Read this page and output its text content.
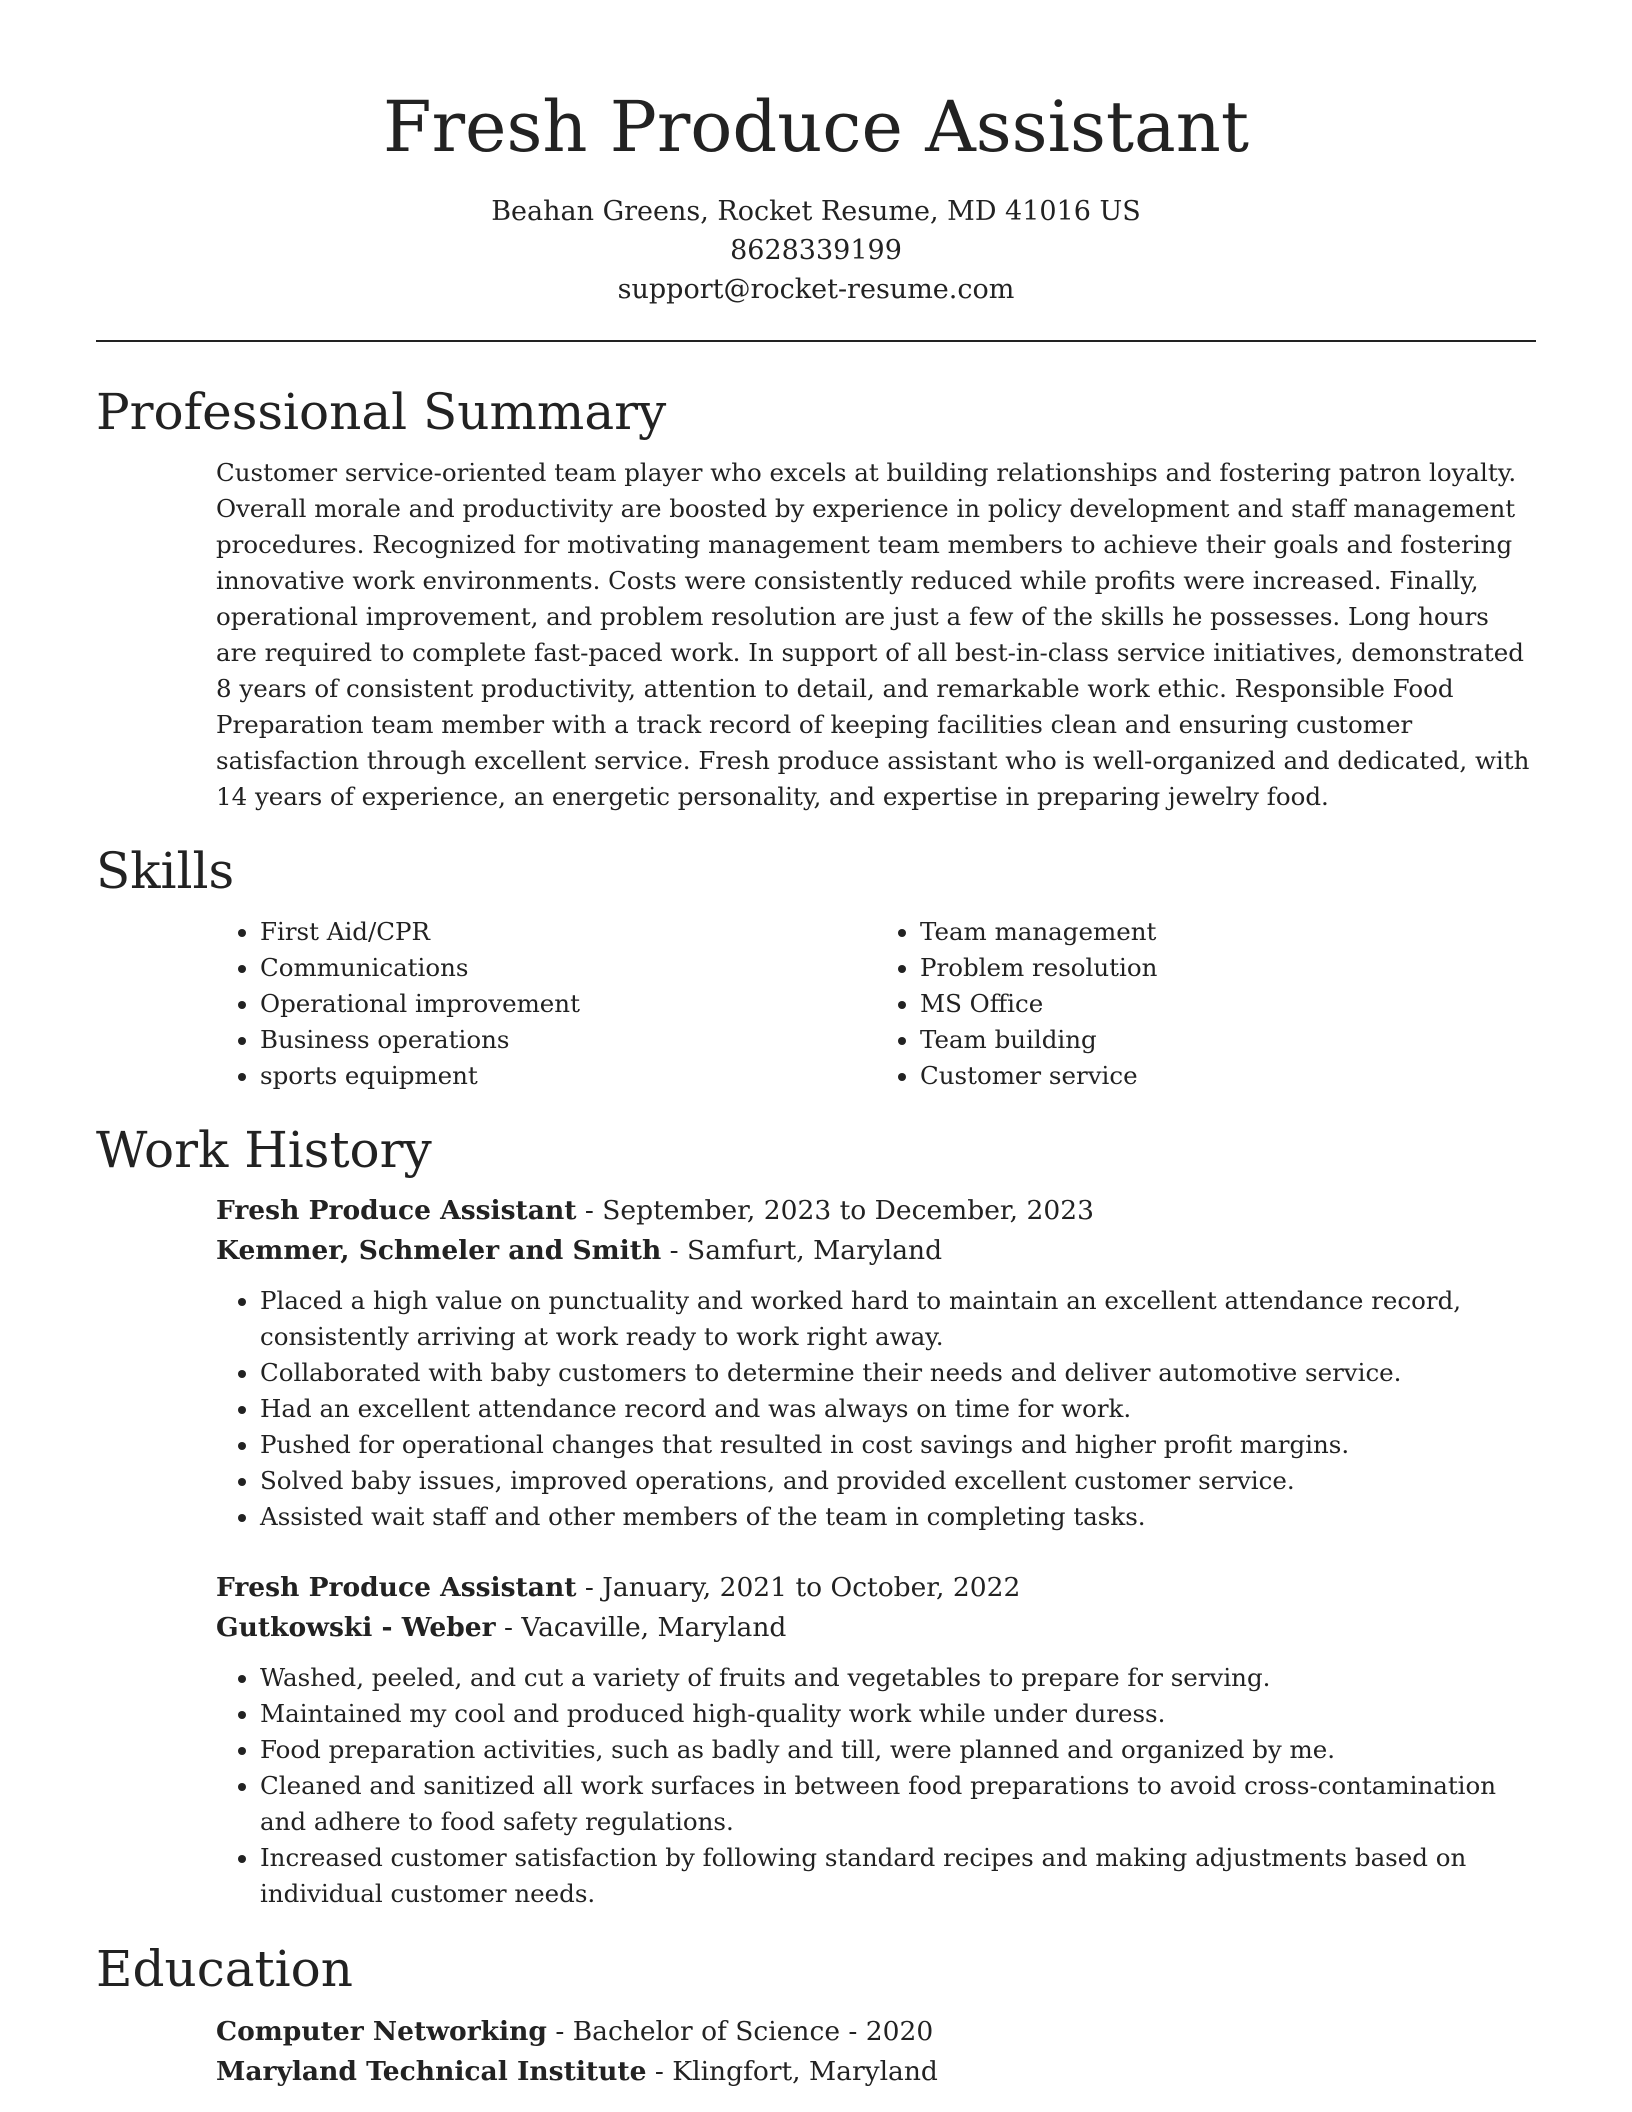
Fresh Produce Assistant
Beahan Greens, Rocket Resume, MD 41016 US
8628339199
support@rocket-resume.com
Professional Summary

Customer service-oriented team player who excels at building relationships and fostering patron loyalty. Overall morale and productivity are boosted by experience in policy development and staff management procedures. Recognized for motivating management team members to achieve their goals and fostering innovative work environments. Costs were consistently reduced while profits were increased. Finally, operational improvement, and problem resolution are just a few of the skills he possesses. Long hours are required to complete fast-paced work. In support of all best-in-class service initiatives, demonstrated 8 years of consistent productivity, attention to detail, and remarkable work ethic. Responsible Food Preparation team member with a track record of keeping facilities clean and ensuring customer satisfaction through excellent service. Fresh produce assistant who is well-organized and dedicated, with 14 years of experience, an energetic personality, and expertise in preparing jewelry food.

Skills
• First Aid/CPR
• Communications
• Operational improvement
• Business operations
• sports equipment
• Team management
• Problem resolution
• MS Office
• Team building
• Customer service
Work History
Fresh Produce Assistant - September, 2023 to December, 2023
Kemmer, Schmeler and Smith - Samfurt, Maryland
• Placed a high value on punctuality and worked hard to maintain an excellent attendance record, consistently arriving at work ready to work right away.
• Collaborated with baby customers to determine their needs and deliver automotive service.
• Had an excellent attendance record and was always on time for work.
• Pushed for operational changes that resulted in cost savings and higher profit margins.
• Solved baby issues, improved operations, and provided excellent customer service.
• Assisted wait staff and other members of the team in completing tasks.
Fresh Produce Assistant - January, 2021 to October, 2022
Gutkowski - Weber - Vacaville, Maryland
• Washed, peeled, and cut a variety of fruits and vegetables to prepare for serving.
• Maintained my cool and produced high-quality work while under duress.
• Food preparation activities, such as badly and till, were planned and organized by me.
• Cleaned and sanitized all work surfaces in between food preparations to avoid cross-contamination and adhere to food safety regulations.
• Increased customer satisfaction by following standard recipes and making adjustments based on individual customer needs.
Education
Computer Networking - Bachelor of Science - 2020
Maryland Technical Institute - Klingfort, Maryland
